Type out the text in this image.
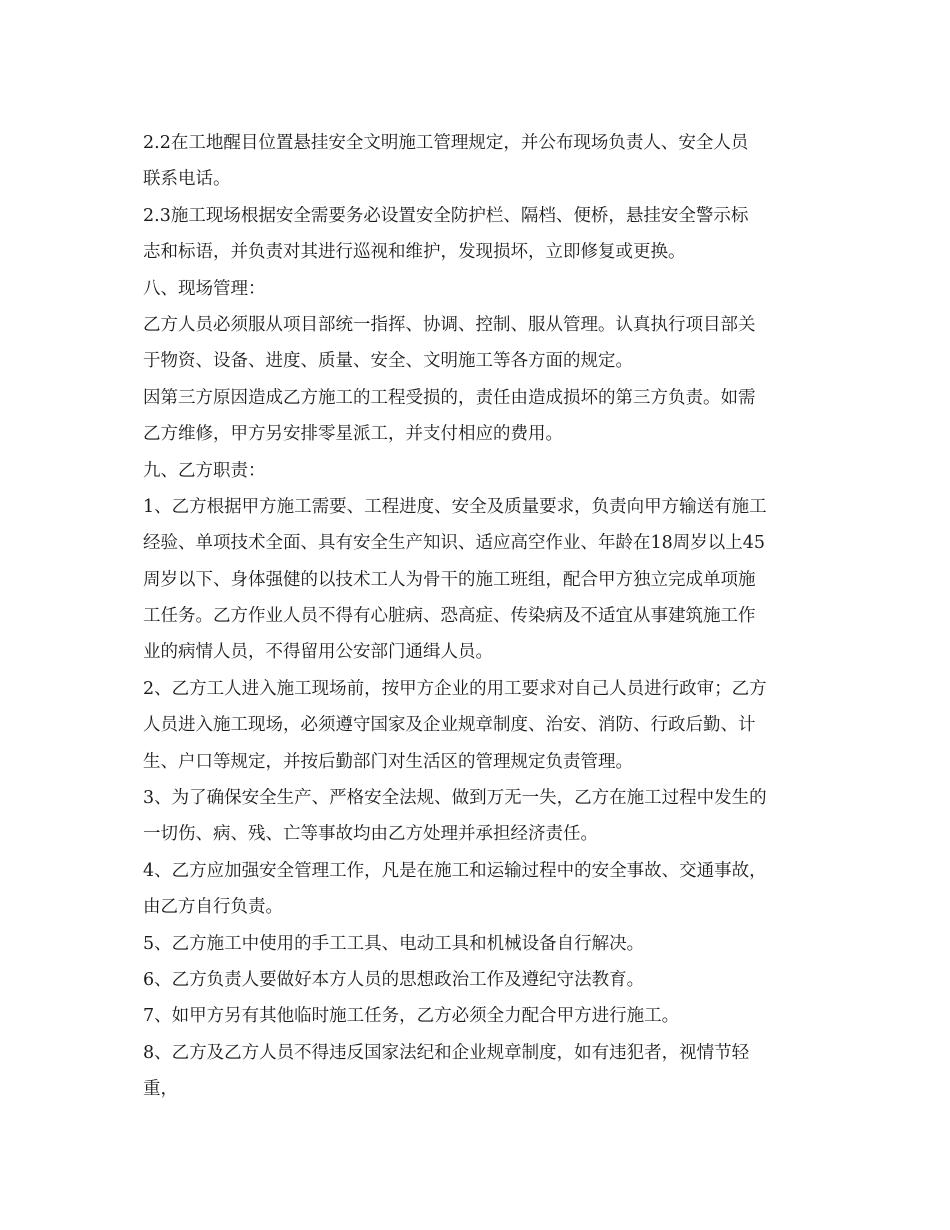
2.2在工地醒目位置悬挂安全文明施工管理规定，并公布现场负责人、安全人员

联系电话。

2.3施工现场根据安全需要务必设置安全防护栏、隔档、便桥，悬挂安全警示标

志和标语，并负责对其进行巡视和维护，发现损坏，立即修复或更换。

八、现场管理：

乙方人员必须服从项目部统一指挥、协调、控制、服从管理。认真执行项目部关

于物资、设备、进度、质量、安全、文明施工等各方面的规定。

因第三方原因造成乙方施工的工程受损的，责任由造成损坏的第三方负责。如需

乙方维修，甲方另安排零星派工，并支付相应的费用。

九、乙方职责：

1、乙方根据甲方施工需要、工程进度、安全及质量要求，负责向甲方输送有施工

经验、单项技术全面、具有安全生产知识、适应高空作业、年龄在18周岁以上45

周岁以下、身体强健的以技术工人为骨干的施工班组，配合甲方独立完成单项施

工任务。乙方作业人员不得有心脏病、恐高症、传染病及不适宜从事建筑施工作

业的病情人员，不得留用公安部门通缉人员。

2、乙方工人进入施工现场前，按甲方企业的用工要求对自己人员进行政审；乙方

人员进入施工现场，必须遵守国家及企业规章制度、治安、消防、行政后勤、计

生、户口等规定，并按后勤部门对生活区的管理规定负责管理。

3、为了确保安全生产、严格安全法规、做到万无一失，乙方在施工过程中发生的

一切伤、病、残、亡等事故均由乙方处理并承担经济责任。

4、乙方应加强安全管理工作，凡是在施工和运输过程中的安全事故、交通事故，

由乙方自行负责。

5、乙方施工中使用的手工工具、电动工具和机械设备自行解决。

6、乙方负责人要做好本方人员的思想政治工作及遵纪守法教育。

7、如甲方另有其他临时施工任务，乙方必须全力配合甲方进行施工。

8、乙方及乙方人员不得违反国家法纪和企业规章制度，如有违犯者，视情节轻

重，
